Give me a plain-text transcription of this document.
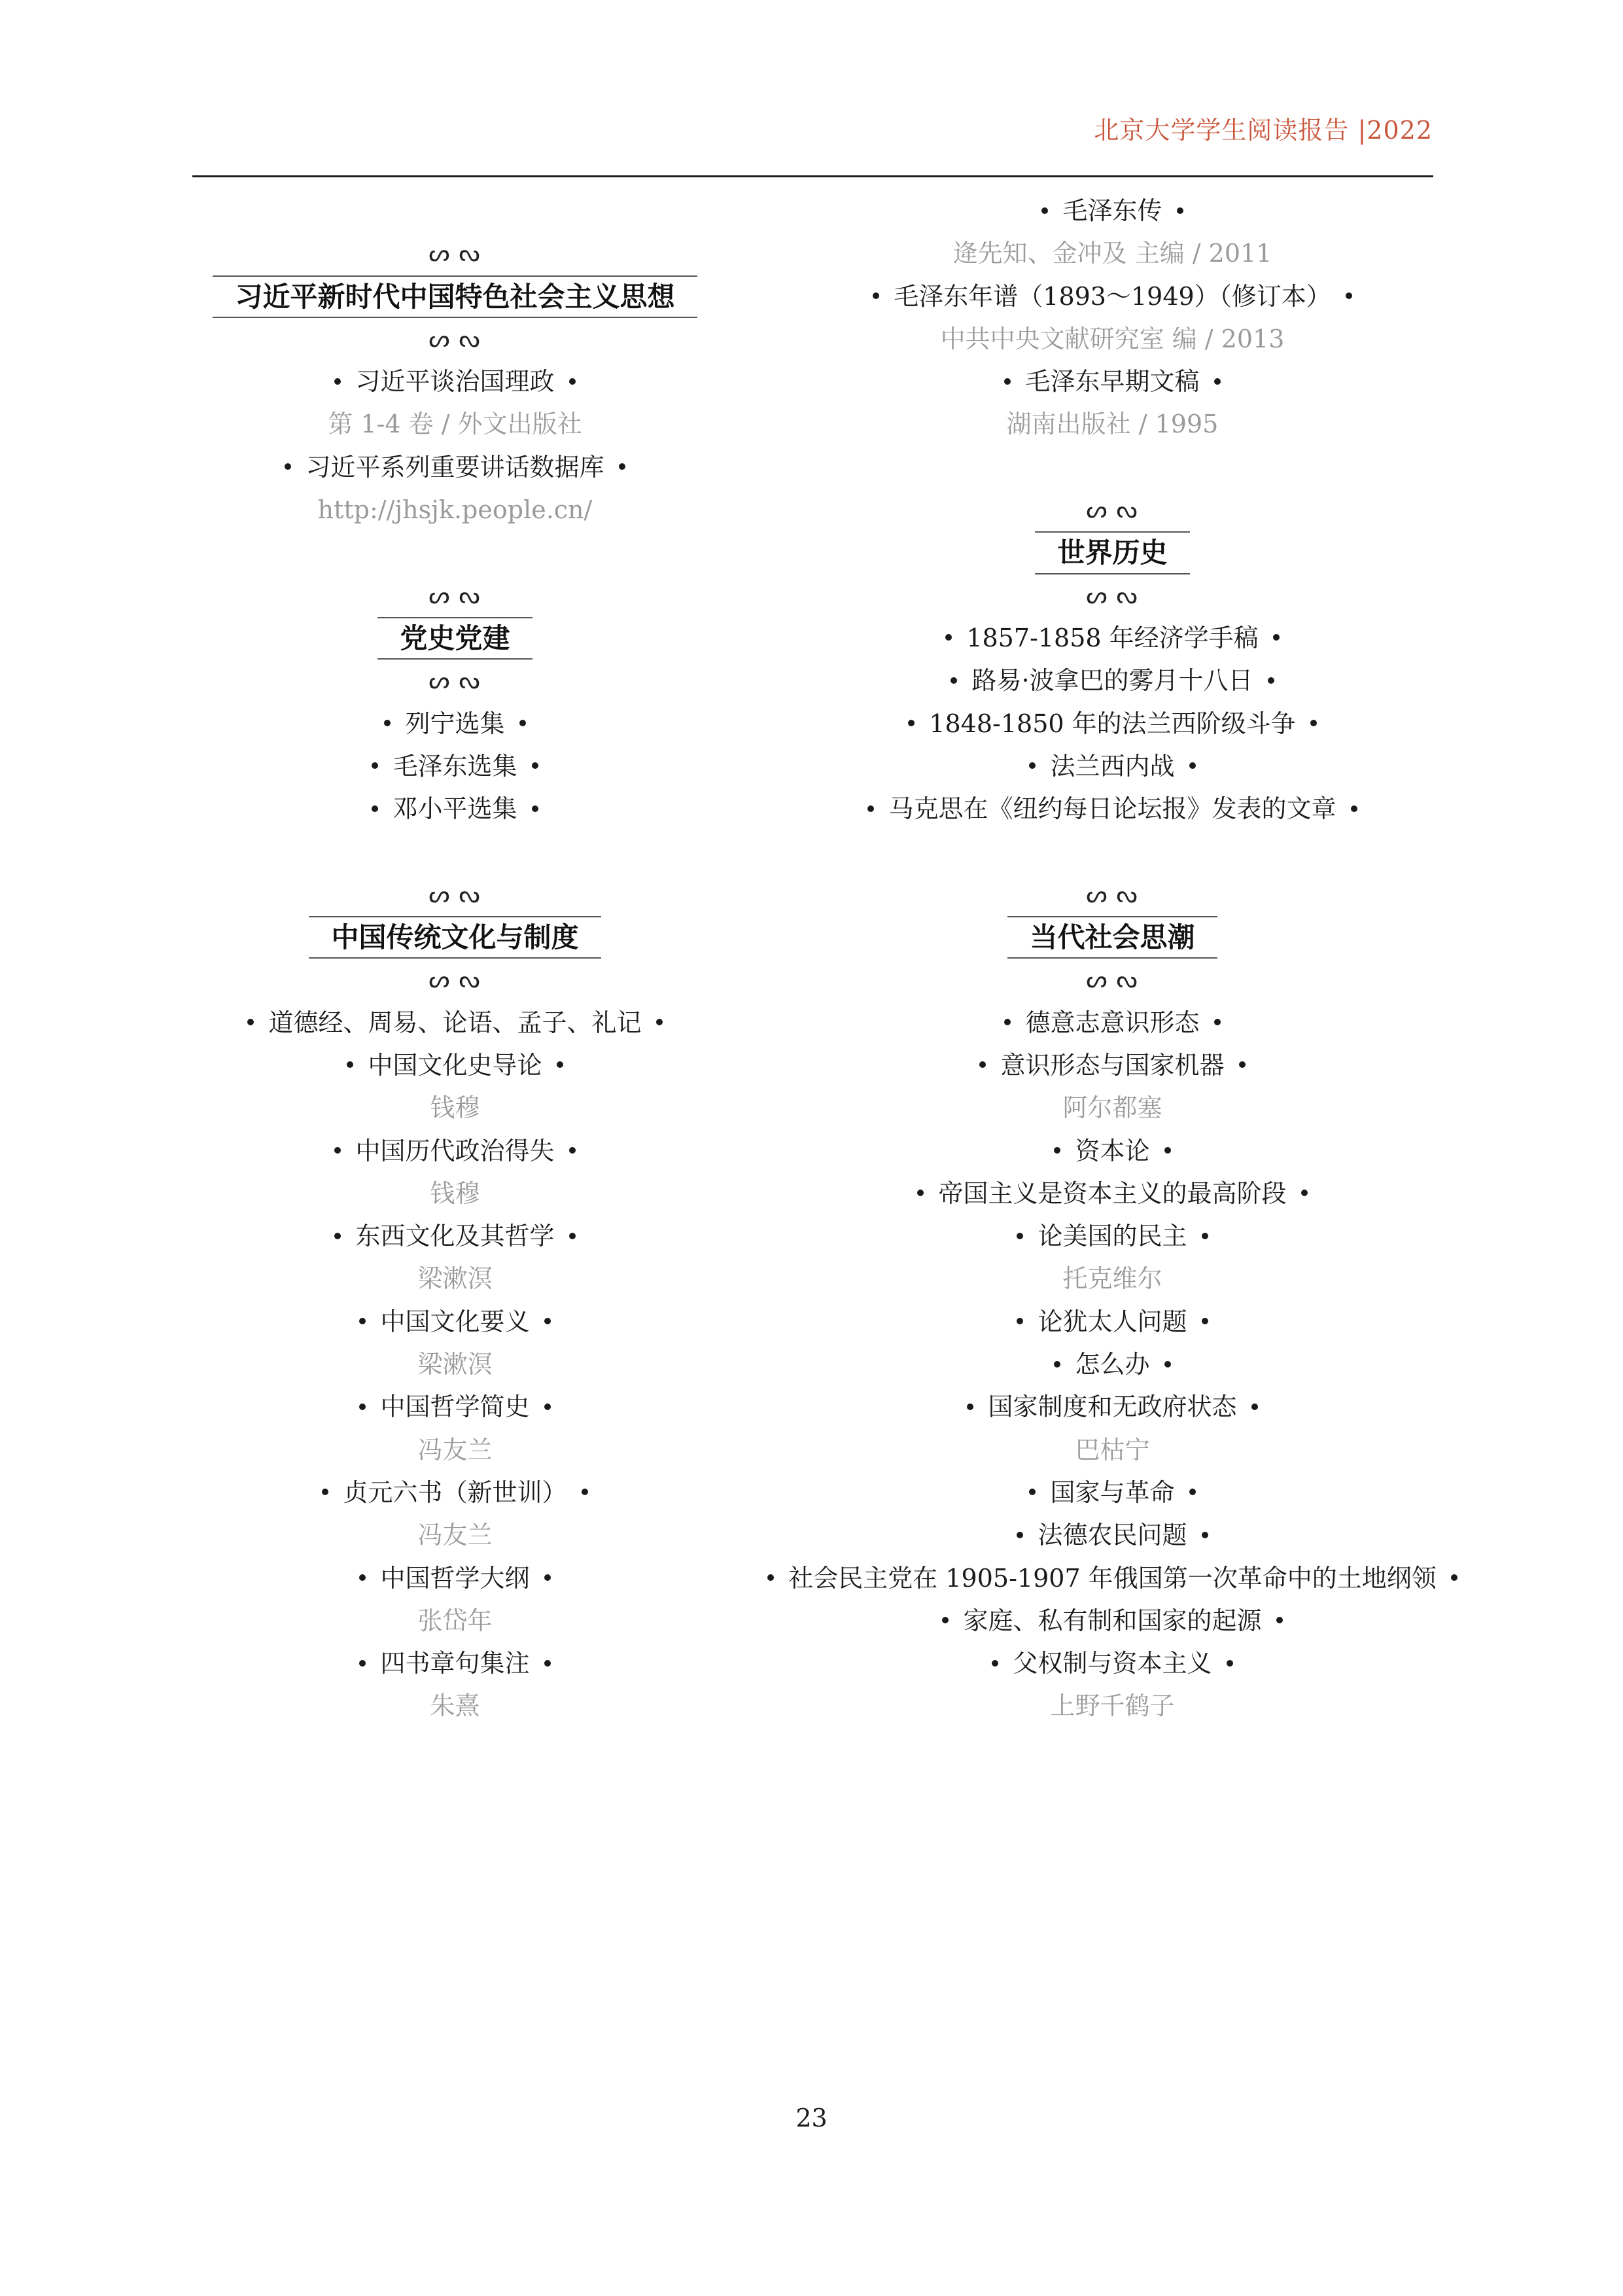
北京大学学生阅读报告 |2022
ᔕ ᔓ
习近平新时代中国特色社会主义思想
ᔕ ᔓ
习近平谈治国理政
第 1-4 卷 / 外文出版社
习近平系列重要讲话数据库
http://jhsjk.people.cn/
ᔕ ᔓ
党史党建
ᔕ ᔓ
列宁选集
毛泽东选集
邓小平选集
ᔕ ᔓ
中国传统文化与制度
ᔕ ᔓ
道德经、周易、论语、孟子、礼记
中国文化史导论
钱穆
中国历代政治得失
钱穆
东西文化及其哲学
梁漱溟
中国文化要义
梁漱溟
中国哲学简史
冯友兰
贞元六书（新世训）
冯友兰
中国哲学大纲
张岱年
四书章句集注
朱熹
毛泽东传
逄先知、金冲及 主编 / 2011
毛泽东年谱（1893～1949）（修订本）
中共中央文献研究室 编 / 2013
毛泽东早期文稿
湖南出版社 / 1995
ᔕ ᔓ
世界历史
ᔕ ᔓ
1857-1858 年经济学手稿
路易·波拿巴的雾月十八日
1848-1850 年的法兰西阶级斗争
法兰西内战
马克思在《纽约每日论坛报》发表的文章
ᔕ ᔓ
当代社会思潮
ᔕ ᔓ
德意志意识形态
意识形态与国家机器
阿尔都塞
资本论
帝国主义是资本主义的最高阶段
论美国的民主
托克维尔
论犹太人问题
怎么办
国家制度和无政府状态
巴枯宁
国家与革命
法德农民问题
社会民主党在 1905-1907 年俄国第一次革命中的土地纲领
家庭、私有制和国家的起源
父权制与资本主义
上野千鹤子
23
